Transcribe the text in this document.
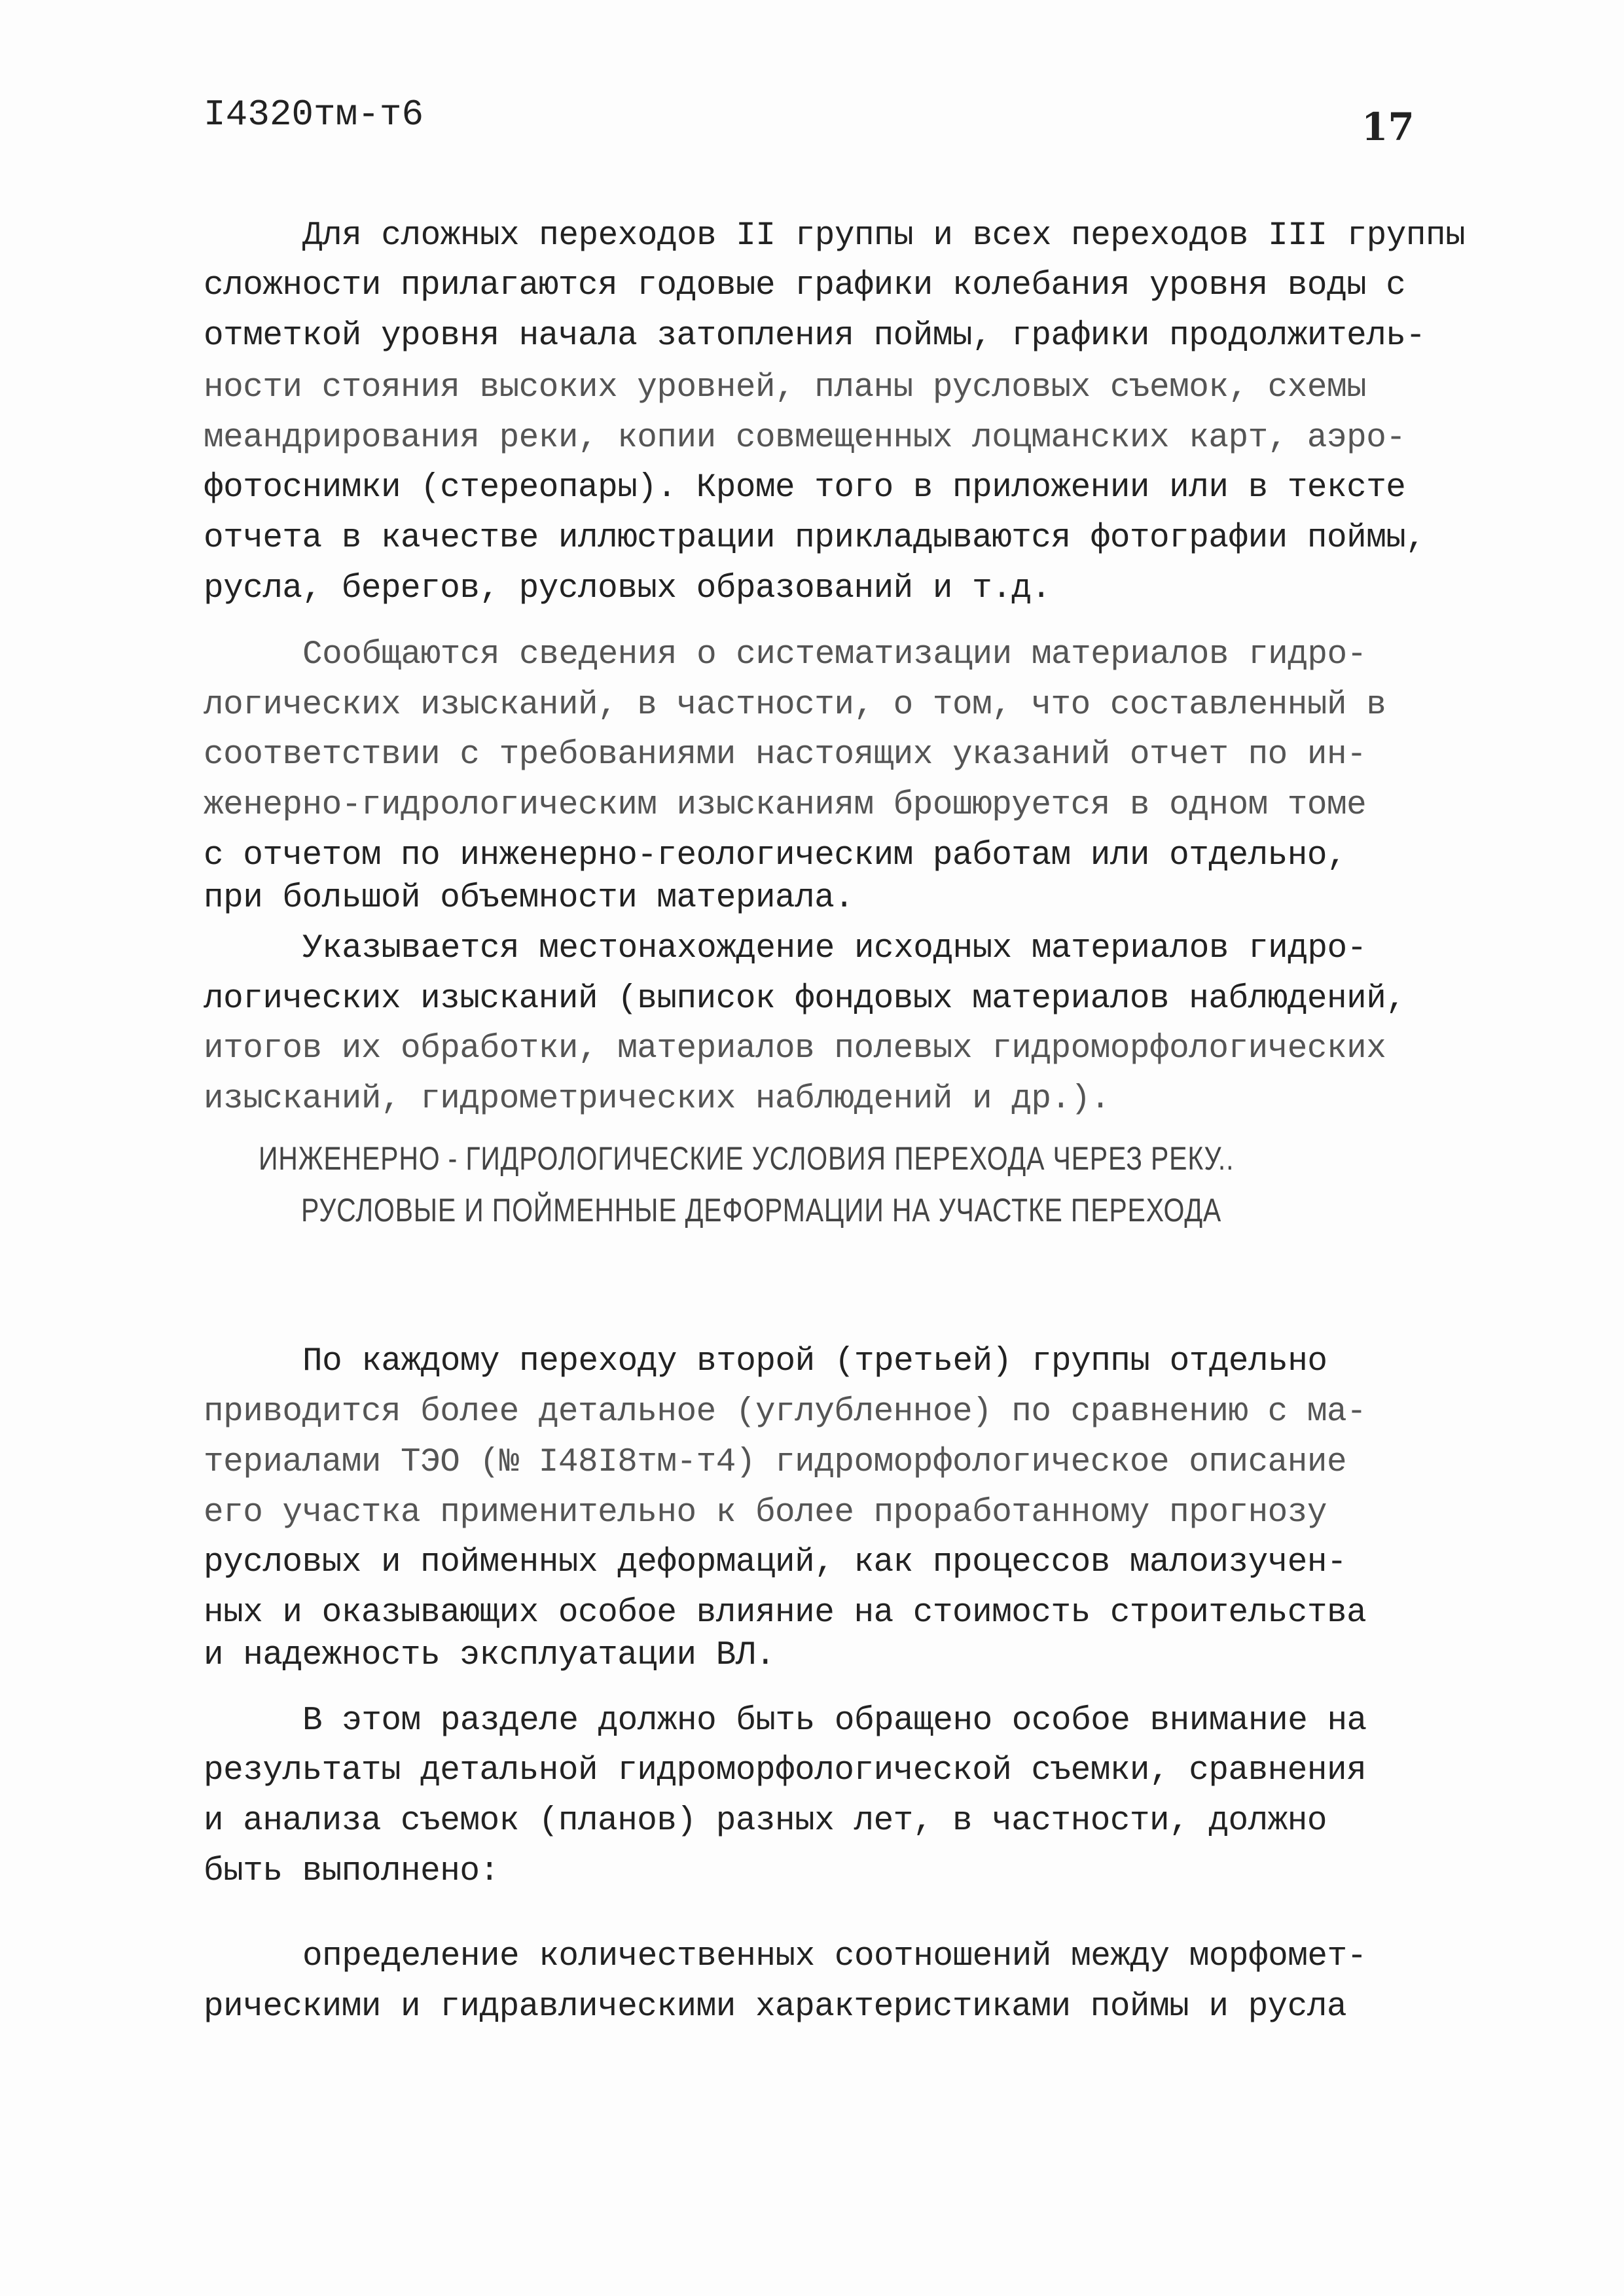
I4320тм-т6	17
Для сложных переходов II группы и всех переходов III группы
сложности прилагаются годовые графики колебания уровня воды с
отметкой уровня начала затопления поймы, графики продолжитель-
ности стояния высоких уровней, планы русловых съемок, схемы
меандрирования реки, копии совмещенных лоцманских карт, аэро-
фотоснимки (стереопары). Кроме того в приложении или в тексте
отчета в качестве иллюстрации прикладываются фотографии поймы,
русла, берегов, русловых образований и т.д.
Сообщаются сведения о систематизации материалов гидро-
логических изысканий, в частности, о том, что составленный в
соответствии с требованиями настоящих указаний отчет по ин-
женерно-гидрологическим изысканиям брошюруется в одном томе
с отчетом по инженерно-геологическим работам или отдельно,
при большой объемности материала.
Указывается местонахождение исходных материалов гидро-
логических изысканий (выписок фондовых материалов наблюдений,
итогов их обработки, материалов полевых гидроморфологических
изысканий, гидрометрических наблюдений и др.).
ИНЖЕНЕРНО - ГИДРОЛОГИЧЕСКИЕ УСЛОВИЯ ПЕРЕХОДА ЧЕРЕЗ РЕКУ..
РУСЛОВЫЕ И ПОЙМЕННЫЕ ДЕФОРМАЦИИ НА УЧАСТКЕ ПЕРЕХОДА
По каждому переходу второй (третьей) группы отдельно
приводится более детальное (углубленное) по сравнению с ма-
териалами ТЭО (№ I48I8тм-т4) гидроморфологическое описание
его участка применительно к более проработанному прогнозу
русловых и пойменных деформаций, как процессов малоизучен-
ных и оказывающих особое влияние на стоимость строительства
и надежность эксплуатации ВЛ.
В этом разделе должно быть обращено особое внимание на
результаты детальной гидроморфологической съемки, сравнения
и анализа съемок (планов) разных лет, в частности, должно
быть выполнено:
определение количественных соотношений между морфомет-
рическими и гидравлическими характеристиками поймы и русла
